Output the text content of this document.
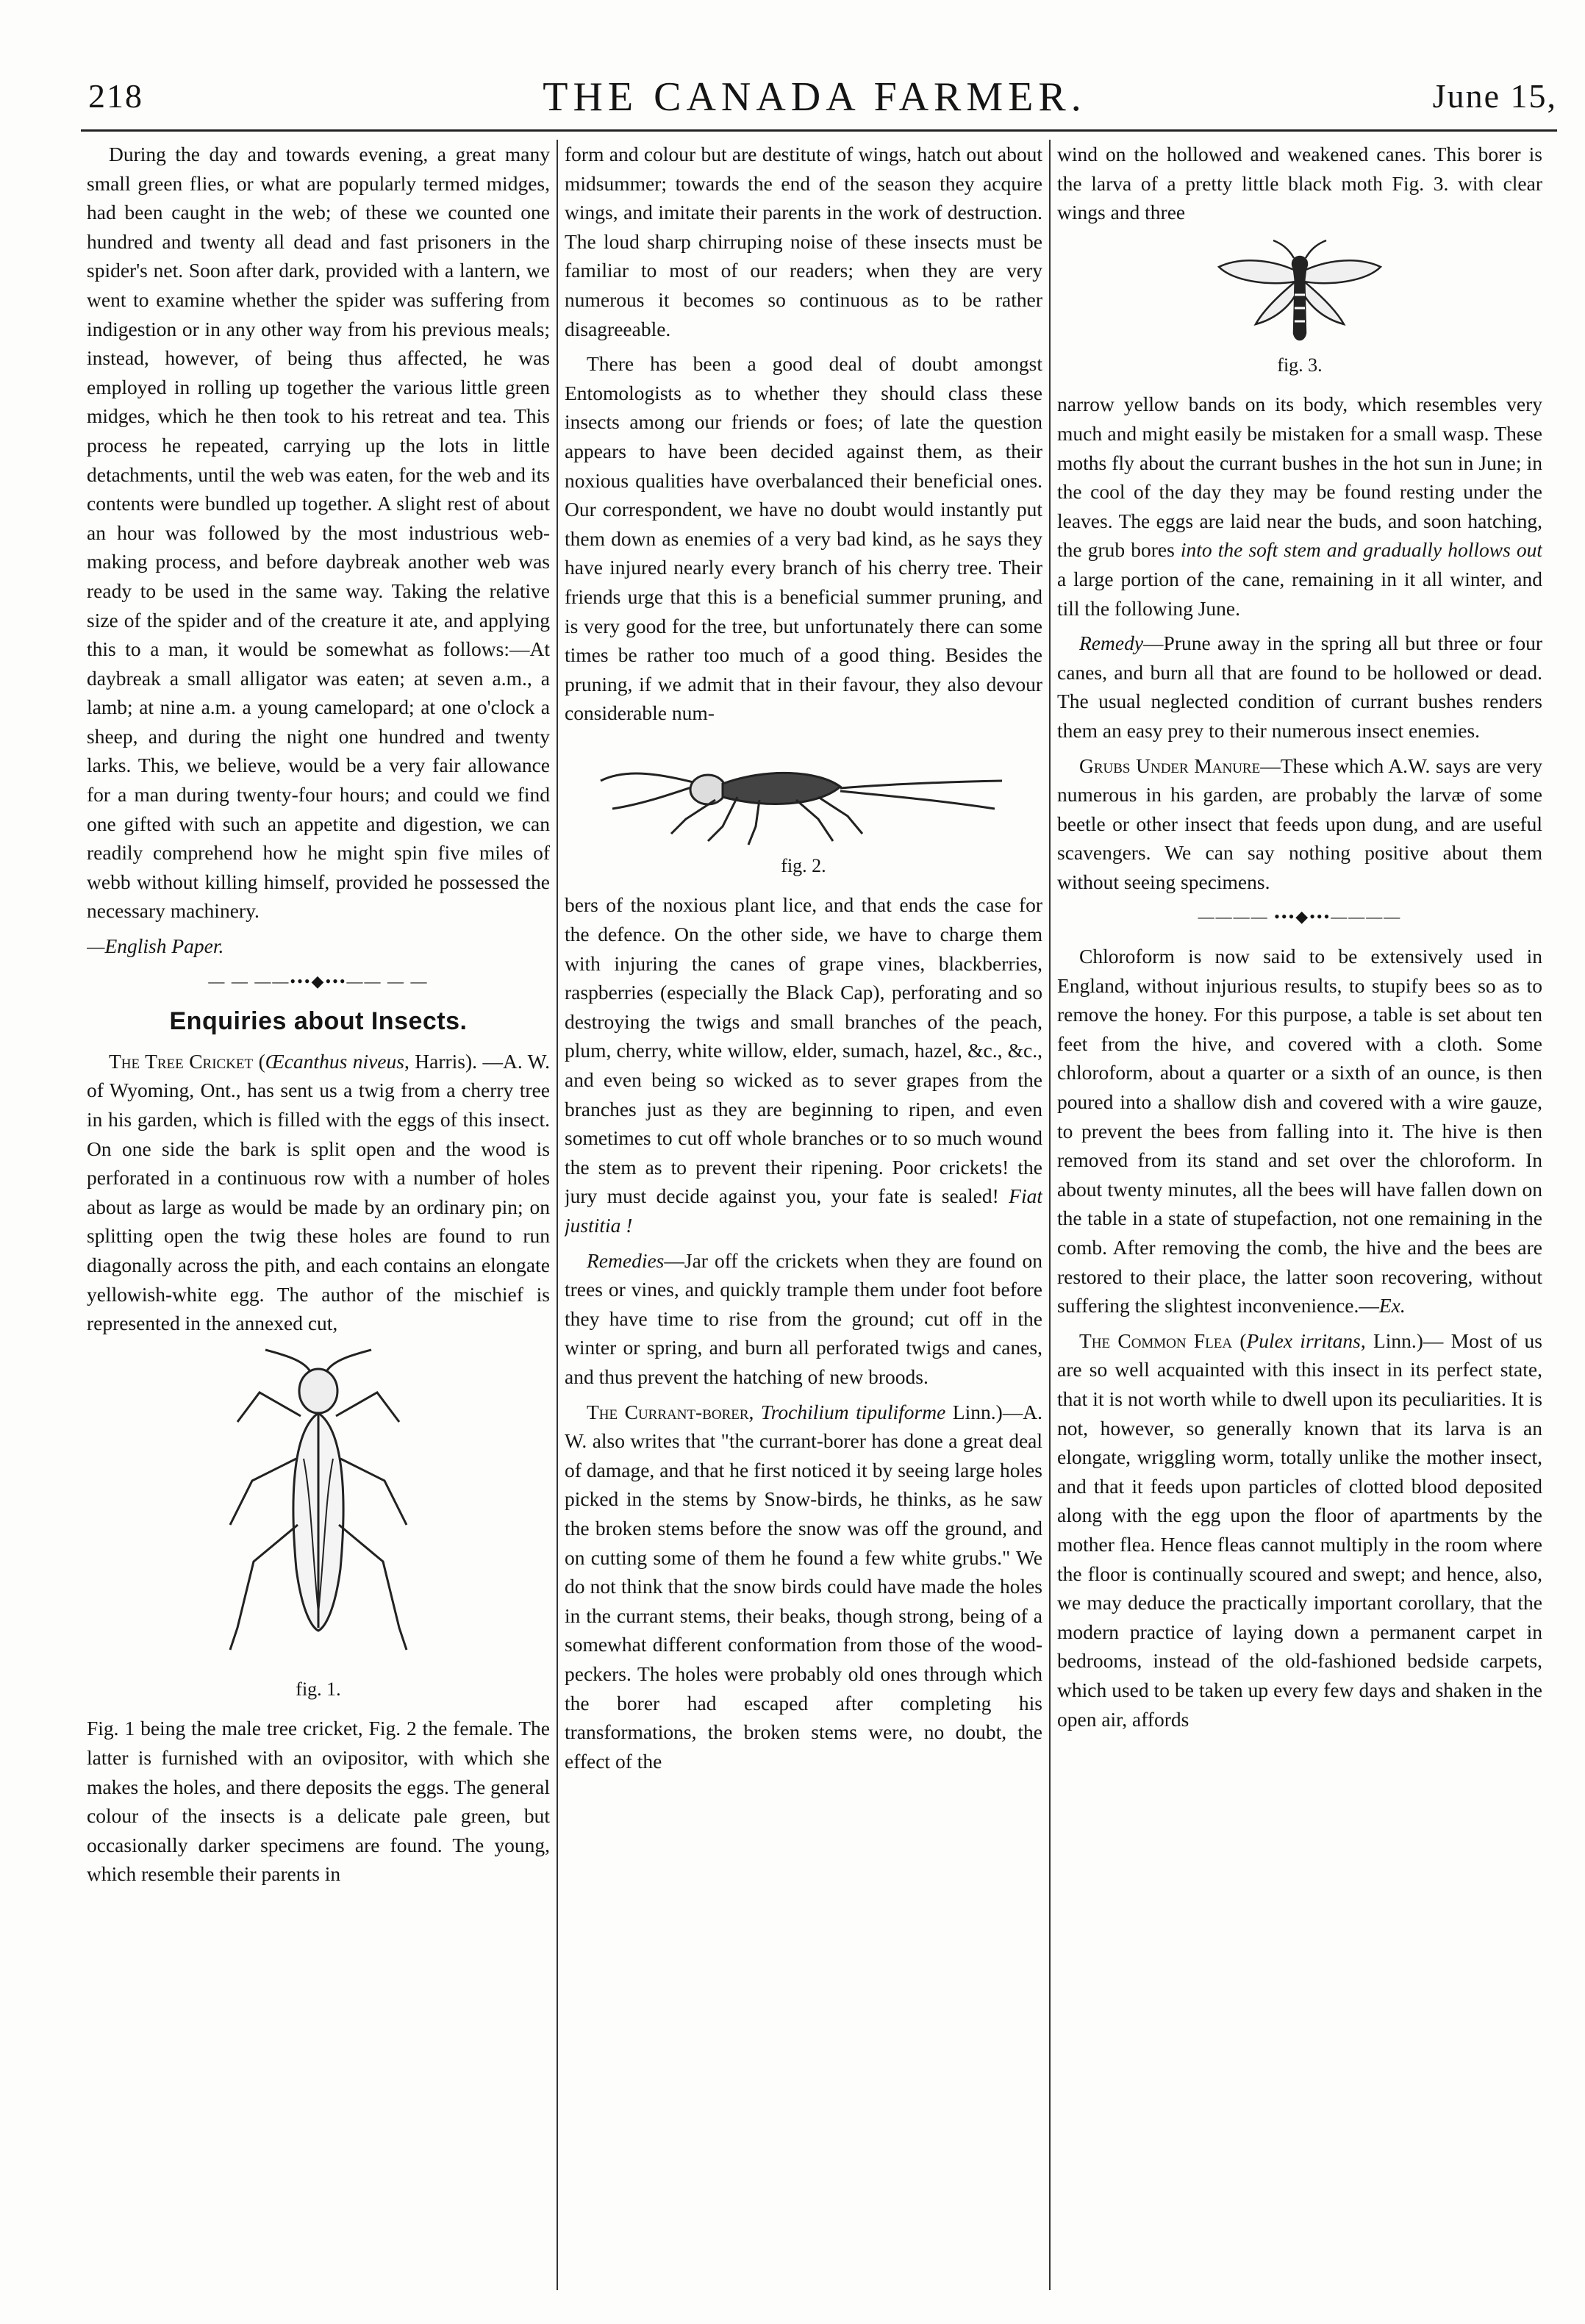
218	THE CANADA FARMER.	June 15,

During the day and towards evening, a great many small green flies, or what are popularly termed midges, had been caught in the web; of these we counted one hundred and twenty all dead and fast prisoners in the spider's net. Soon after dark, provided with a lantern, we went to examine whether the spider was suffering from indigestion or in any other way from his previous meals; instead, however, of being thus affected, he was employed in rolling up together the various little green midges, which he then took to his retreat and tea. This process he repeated, carrying up the lots in little detachments, until the web was eaten, for the web and its contents were bundled up together. A slight rest of about an hour was followed by the most industrious web-making process, and before daybreak another web was ready to be used in the same way. Taking the relative size of the spider and of the creature it ate, and applying this to a man, it would be somewhat as follows:—At daybreak a small alligator was eaten; at seven a.m., a lamb; at nine a.m. a young camelopard; at one o'clock a sheep, and during the night one hundred and twenty larks. This, we believe, would be a very fair allowance for a man during twenty-four hours; and could we find one gifted with such an appetite and digestion, we can readily comprehend how he might spin five miles of webb without killing himself, provided he possessed the necessary machinery.

—English Paper.

— — ——•••◆•••—— — —
Enquiries about Insects.

The Tree Cricket (Œcanthus niveus, Harris). —A. W. of Wyoming, Ont., has sent us a twig from a cherry tree in his garden, which is filled with the eggs of this insect. On one side the bark is split open and the wood is perforated in a continuous row with a number of holes about as large as would be made by an ordinary pin; on splitting open the twig these holes are found to run diagonally across the pith, and each contains an elongate yellowish-white egg. The author of the mischief is represented in the annexed cut,

fig. 1.

Fig. 1 being the male tree cricket, Fig. 2 the female. The latter is furnished with an ovipositor, with which she makes the holes, and there deposits the eggs. The general colour of the insects is a delicate pale green, but occasionally darker specimens are found. The young, which resemble their parents in

form and colour but are destitute of wings, hatch out about midsummer; towards the end of the season they acquire wings, and imitate their parents in the work of destruction. The loud sharp chirruping noise of these insects must be familiar to most of our readers; when they are very numerous it becomes so continuous as to be rather disagreeable.

There has been a good deal of doubt amongst Entomologists as to whether they should class these insects among our friends or foes; of late the question appears to have been decided against them, as their noxious qualities have overbalanced their beneficial ones. Our correspondent, we have no doubt would instantly put them down as enemies of a very bad kind, as he says they have injured nearly every branch of his cherry tree. Their friends urge that this is a beneficial summer pruning, and is very good for the tree, but unfortunately there can some times be rather too much of a good thing. Besides the pruning, if we admit that in their favour, they also devour considerable num-

fig. 2.

bers of the noxious plant lice, and that ends the case for the defence. On the other side, we have to charge them with injuring the canes of grape vines, blackberries, raspberries (especially the Black Cap), perforating and so destroying the twigs and small branches of the peach, plum, cherry, white willow, elder, sumach, hazel, &c., &c., and even being so wicked as to sever grapes from the branches just as they are beginning to ripen, and even sometimes to cut off whole branches or to so much wound the stem as to prevent their ripening. Poor crickets! the jury must decide against you, your fate is sealed! Fiat justitia !

Remedies—Jar off the crickets when they are found on trees or vines, and quickly trample them under foot before they have time to rise from the ground; cut off in the winter or spring, and burn all perforated twigs and canes, and thus prevent the hatching of new broods.

The Currant-borer, Trochilium tipuliforme Linn.)—A. W. also writes that "the currant-borer has done a great deal of damage, and that he first noticed it by seeing large holes picked in the stems by Snow-birds, he thinks, as he saw the broken stems before the snow was off the ground, and on cutting some of them he found a few white grubs." We do not think that the snow birds could have made the holes in the currant stems, their beaks, though strong, being of a somewhat different conformation from those of the wood-peckers. The holes were probably old ones through which the borer had escaped after completing his transformations, the broken stems were, no doubt, the effect of the

wind on the hollowed and weakened canes. This borer is the larva of a pretty little black moth Fig. 3. with clear wings and three

fig. 3.

narrow yellow bands on its body, which resembles very much and might easily be mistaken for a small wasp. These moths fly about the currant bushes in the hot sun in June; in the cool of the day they may be found resting under the leaves. The eggs are laid near the buds, and soon hatching, the grub bores into the soft stem and gradually hollows out a large portion of the cane, remaining in it all winter, and till the following June.

Remedy—Prune away in the spring all but three or four canes, and burn all that are found to be hollowed or dead. The usual neglected condition of currant bushes renders them an easy prey to their numerous insect enemies.

Grubs Under Manure—These which A.W. says are very numerous in his garden, are probably the larvæ of some beetle or other insect that feeds upon dung, and are useful scavengers. We can say nothing positive about them without seeing specimens.

———— •••◆•••————

Chloroform is now said to be extensively used in England, without injurious results, to stupify bees so as to remove the honey. For this purpose, a table is set about ten feet from the hive, and covered with a cloth. Some chloroform, about a quarter or a sixth of an ounce, is then poured into a shallow dish and covered with a wire gauze, to prevent the bees from falling into it. The hive is then removed from its stand and set over the chloroform. In about twenty minutes, all the bees will have fallen down on the table in a state of stupefaction, not one remaining in the comb. After removing the comb, the hive and the bees are restored to their place, the latter soon recovering, without suffering the slightest inconvenience.—Ex.

The Common Flea (Pulex irritans, Linn.)— Most of us are so well acquainted with this insect in its perfect state, that it is not worth while to dwell upon its peculiarities. It is not, however, so generally known that its larva is an elongate, wriggling worm, totally unlike the mother insect, and that it feeds upon particles of clotted blood deposited along with the egg upon the floor of apartments by the mother flea. Hence fleas cannot multiply in the room where the floor is continually scoured and swept; and hence, also, we may deduce the practically important corollary, that the modern practice of laying down a permanent carpet in bedrooms, instead of the old-fashioned bedside carpets, which used to be taken up every few days and shaken in the open air, affords
